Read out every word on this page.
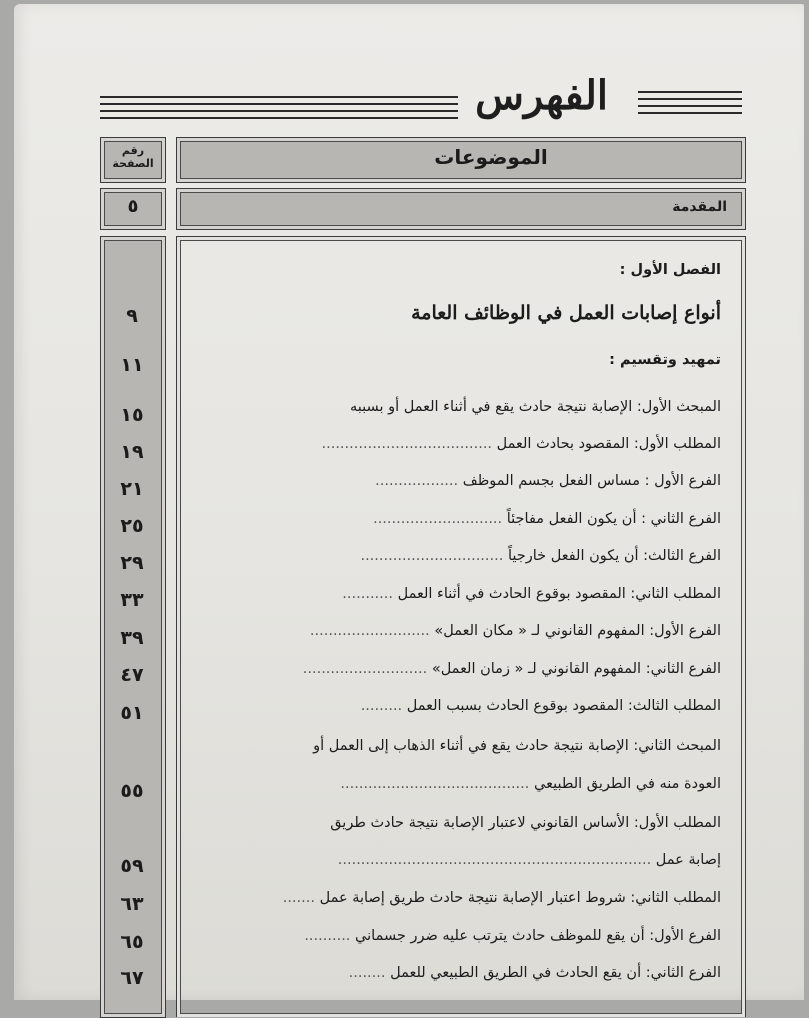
الفهرس
الموضوعات
رقم الصفحة
المقدمة
٥
الفصل الأول :
أنواع إصابات العمل في الوظائف العامة
٩
تمهيد وتقسيم :
١١
المبحث الأول: الإصابة نتيجة حادث يقع في أثناء العمل أو بسببه
١٥
المطلب الأول: المقصود بحادث العمل .....................................
١٩
الفرع الأول : مساس الفعل بجسم الموظف ..................
٢١
الفرع الثاني : أن يكون الفعل مفاجئاً ............................
٢٥
الفرع الثالث: أن يكون الفعل خارجياً ...............................
٢٩
المطلب الثاني: المقصود بوقوع الحادث في أثناء العمل ...........
٣٣
الفرع الأول: المفهوم القانوني لـ « مكان العمل» ..........................
٣٩
الفرع الثاني: المفهوم القانوني لـ « زمان العمل» ...........................
٤٧
المطلب الثالث: المقصود بوقوع الحادث بسبب العمل .........
٥١
المبحث الثاني: الإصابة نتيجة حادث يقع في أثناء الذهاب إلى العمل أو
العودة منه في الطريق الطبيعي .........................................
٥٥
المطلب الأول: الأساس القانوني لاعتبار الإصابة نتيجة حادث طريق
إصابة عمل ....................................................................
٥٩
المطلب الثاني: شروط اعتبار الإصابة نتيجة حادث طريق إصابة عمل .......
٦٣
الفرع الأول: أن يقع للموظف حادث يترتب عليه ضرر جسماني ..........
٦٥
الفرع الثاني: أن يقع الحادث في الطريق الطبيعي للعمل ........
٦٧
